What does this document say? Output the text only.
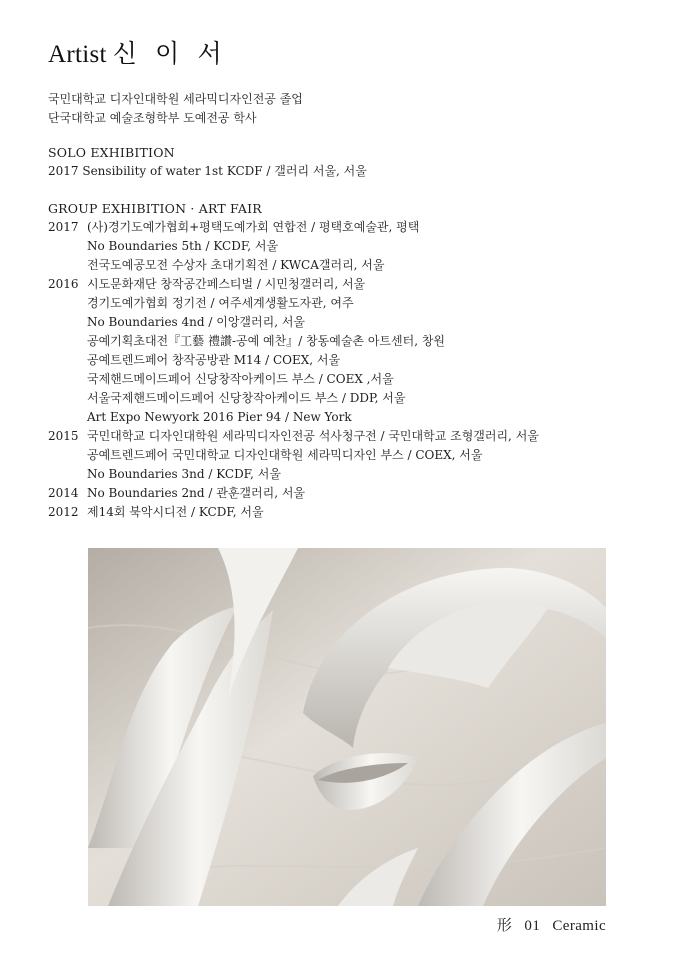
Artist 신 이 서
국민대학교 디자인대학원 세라믹디자인전공 졸업
단국대학교 예술조형학부 도예전공 학사
SOLO EXHIBITION
2017 Sensibility of water 1st KCDF / 갤러리 서울, 서울
GROUP EXHIBITION · ART FAIR
2017 (사)경기도예가협회+평택도예가회 연합전 / 평택호예술관, 평택
No Boundaries 5th / KCDF, 서울
전국도예공모전 수상자 초대기획전 / KWCA갤러리, 서울
2016 시도문화재단 창작공간페스티벌 / 시민청갤러리, 서울
경기도예가협회 정기전 / 여주세계생활도자관, 여주
No Boundaries 4nd / 이앙갤러리, 서울
공예기획초대전『工藝 禮讚-공예 예찬』/ 창동예술촌 아트센터, 창원
공예트렌드페어 창작공방관 M14 / COEX, 서울
국제핸드메이드페어 신당창작아케이드 부스 / COEX ,서울
서울국제핸드메이드페어 신당창작아케이드 부스 / DDP, 서울
Art Expo Newyork 2016 Pier 94 / New York
2015 국민대학교 디자인대학원 세라믹디자인전공 석사청구전 / 국민대학교 조형갤러리, 서울
공예트렌드페어 국민대학교 디자인대학원 세라믹디자인 부스 / COEX, 서울
No Boundaries 3nd / KCDF, 서울
2014 No Boundaries 2nd / 관훈갤러리, 서울
2012 제14회 북악시디전 / KCDF, 서울
形 01 Ceramic
